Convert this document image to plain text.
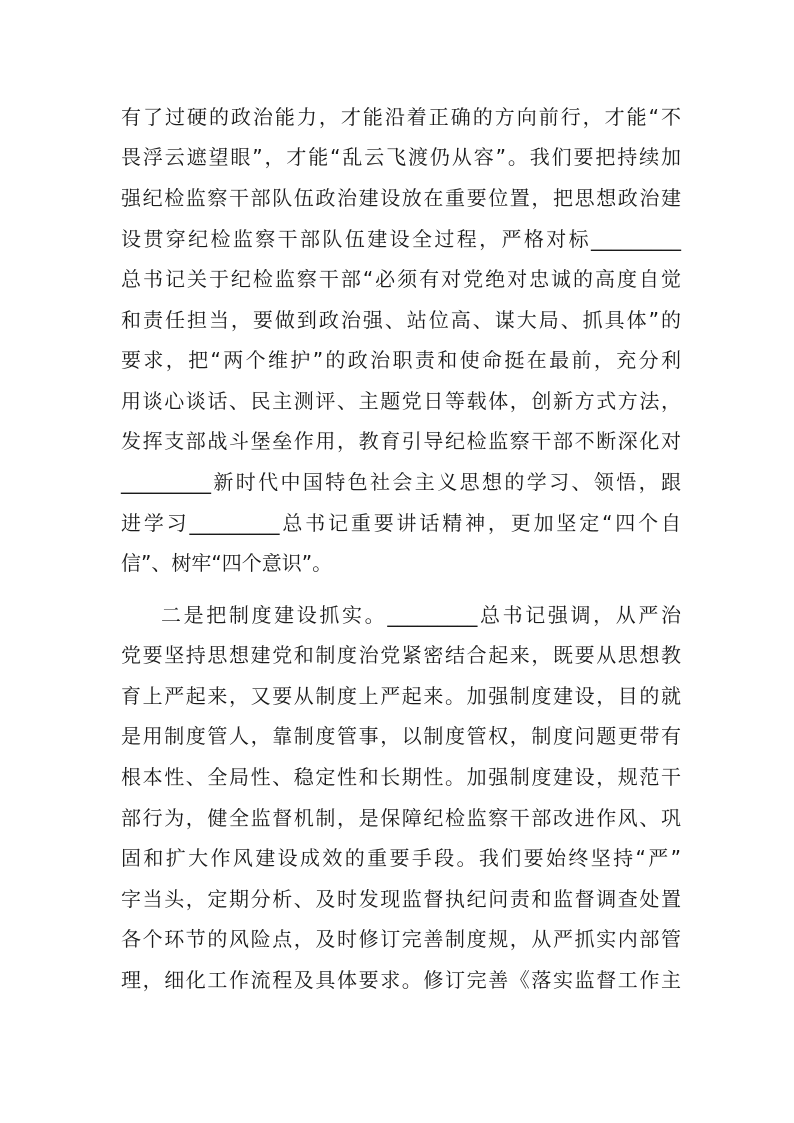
有了过硬的政治能力，才能沿着正确的方向前行，才能“不
畏浮云遮望眼”，才能“乱云飞渡仍从容”。我们要把持续加
强纪检监察干部队伍政治建设放在重要位置，把思想政治建
设贯穿纪检监察干部队伍建设全过程，严格对标_________
总书记关于纪检监察干部“必须有对党绝对忠诚的高度自觉
和责任担当，要做到政治强、站位高、谋大局、抓具体”的
要求，把“两个维护”的政治职责和使命挺在最前，充分利
用谈心谈话、民主测评、主题党日等载体，创新方式方法，
发挥支部战斗堡垒作用，教育引导纪检监察干部不断深化对
_________新时代中国特色社会主义思想的学习、领悟，跟
进学习_________总书记重要讲话精神，更加坚定“四个自
信”、树牢“四个意识”。
二是把制度建设抓实。_________总书记强调，从严治
党要坚持思想建党和制度治党紧密结合起来，既要从思想教
育上严起来，又要从制度上严起来。加强制度建设，目的就
是用制度管人，靠制度管事，以制度管权，制度问题更带有
根本性、全局性、稳定性和长期性。加强制度建设，规范干
部行为，健全监督机制，是保障纪检监察干部改进作风、巩
固和扩大作风建设成效的重要手段。我们要始终坚持“严”
字当头，定期分析、及时发现监督执纪问责和监督调查处置
各个环节的风险点，及时修订完善制度规，从严抓实内部管
理，细化工作流程及具体要求。修订完善《落实监督工作主
